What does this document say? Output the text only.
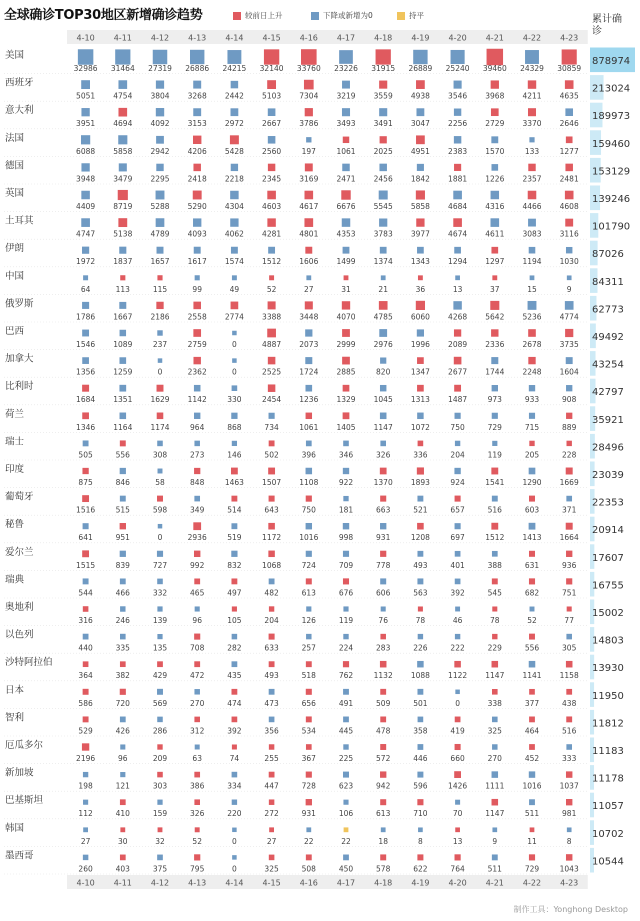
全球确诊TOP30地区新增确诊趋势	较前日上升	下降或新增为0	持平
4-10 4-11 4-12 4-13 4-14 4-15 4-16 4-17 4-18 4-19 4-20 4-21 4-22 4-23
4-10 4-11 4-12 4-13 4-14 4-15 4-16 4-17 4-18 4-19 4-20 4-21 4-22 4-23
累计确诊
美国
32986 31464 27319 26886 24215 32140 33760 23226 31915 26889 25240 39460 24329 30859
878974
西班牙
5051 4754 3804 3268 2442 5103 7304 3219 3559 4938 3546 3968 4211 4635
213024
意大利
3951 4694 4092 3153 2972 2667 3786 3493 3491 3047 2256 2729 3370 2646
189973
法国
6088 5858 2942 4206 5428 2560	197	1061 2025 4951 2383 1570	133	1277
159460
德国
3948 3479 2295 2418 2218 2345 3169 2471 2456 1842 1881 1226 2357 2481
153129
英国
4409 8719 5288 5290 4304 4603 4617 6676 5545 5858 4684 4316 4466 4608
139246
土耳其
4747 5138 4789 4093 4062 4281 4801 4353 3783 3977 4674 4611 3083 3116
101790
伊朗
1972 1837 1657 1617 1574 1512 1606 1499 1374 1343 1294 1297 1194 1030
87026
中国
64	113	115	99	49	52	27	31	21	36	13	37	15	9
84311
俄罗斯
1786 1667 2186 2558 2774 3388 3448 4070 4785 6060 4268 5642 5236 4774
62773
巴西
1546 1089	237	2759	0	4887 2073 2999 2976 1996 2089 2336 2678 3735
49492
加拿大
1356 1259	0	2362	0	2525 1724 2885	820	1347 2677 1744 2248 1604
43254
比利时
1684 1351 1629 1142	330	2454 1236 1329 1045 1313 1487	973	933	908
42797
荷兰
1346 1164 1174	964	868	734	1061 1405 1147 1072	750	729	715	889
35921
瑞士
505	556	308	273	146	502	396	346	326	336	204	119	205	228
28496
印度
875	846	58	848	1463 1507 1108	922	1370 1893	924	1541 1290 1669
23039
葡萄牙
1516	515	598	349	514	643	750	181	663	521	657	516	603	371
22353
秘鲁
641	951	0	2936	519	1172 1016	998	931	1208	697	1512 1413 1664
20914
爱尔兰
1515	839	727	992	832	1068	724	709	778	493	401	388	631	936
17607
瑞典
544	466	332	465	497	482	613	676	606	563	392	545	682	751
16755
奥地利
316	246	139	96	105	204	126	119	76	78	46	78	52	77
15002
以色列
440	335	135	708	282	633	257	224	283	226	222	229	556	305
14803
沙特阿拉伯
364	382	429	472	435	493	518	762	1132 1088 1122 1147 1141 1158
13930
日本
586	720	569	270	474	473	656	491	509	501	0	338	377	438
11950
智利
529	426	286	312	392	356	534	445	478	358	419	325	464	516
11812
厄瓜多尔
2196	96	209	63	74	255	367	225	572	446	660	270	452	333
11183
新加坡
198	121	303	386	334	447	728	623	942	596	1426 1111 1016 1037
11178
巴基斯坦
112	410	159	326	220	272	931	106	613	710	70	1147	511	981
11057
韩国
27	30	32	52	0	27	22	22	18	8	13	9	11	8
10702
墨西哥
260	403	375	795	0	325	508	450	578	622	764	511	729	1043
10544
制作工具：Yonghong Desktop
